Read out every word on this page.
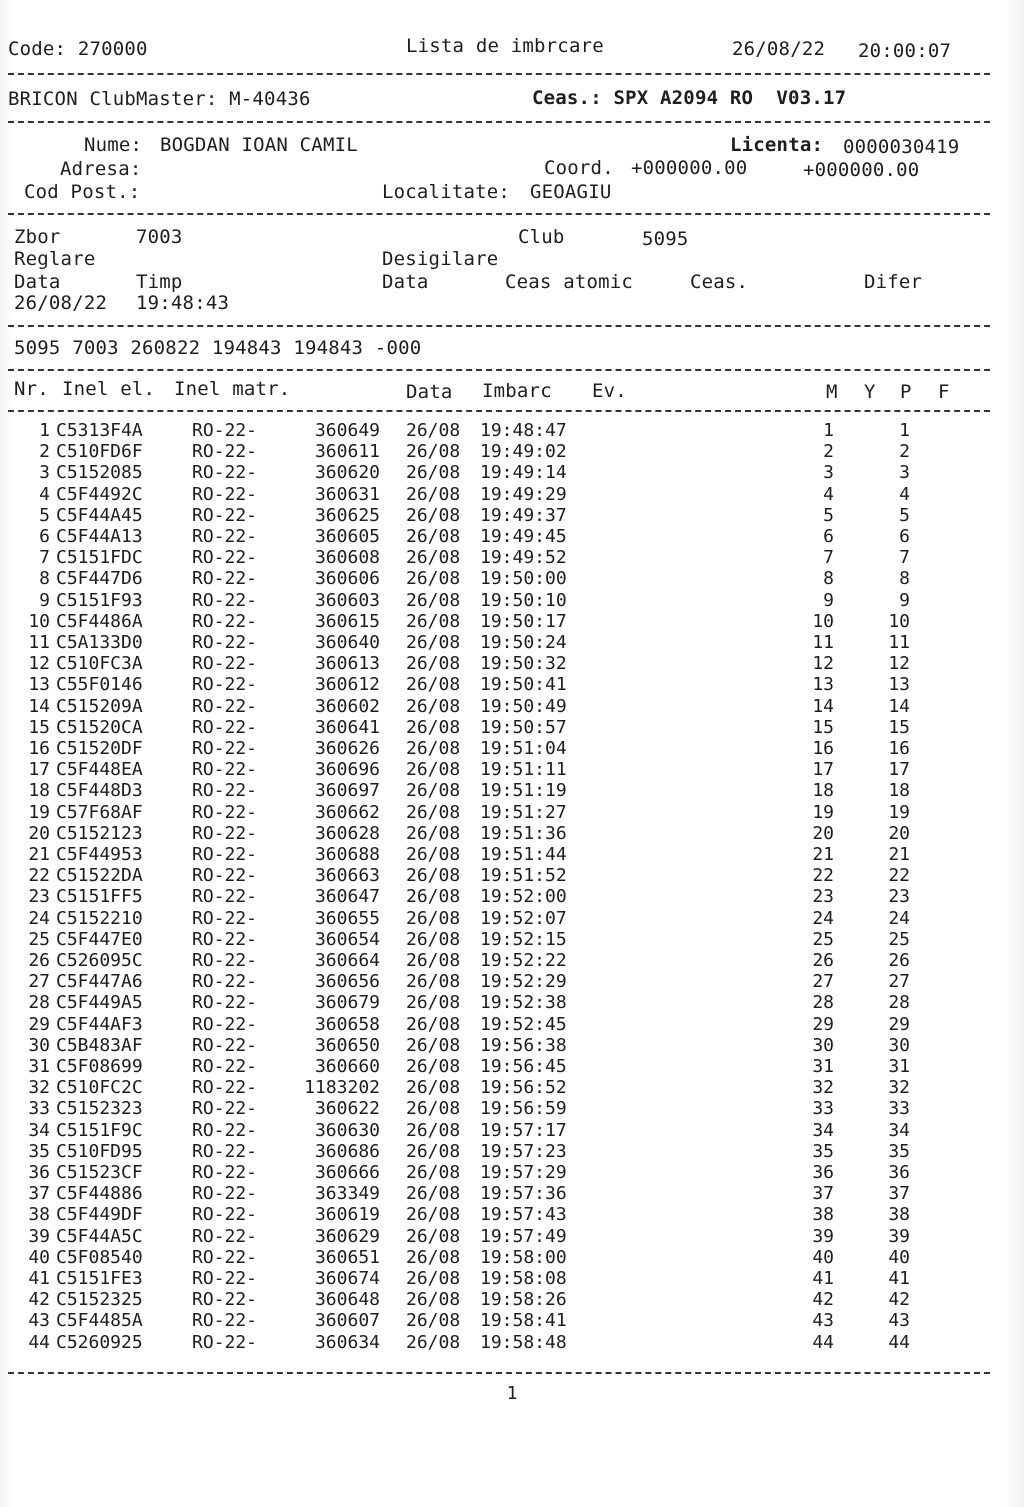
Code: 270000	Lista de imbrcare	26/08/22 20:00:07
BRICON ClubMaster: M-40436	Ceas.: SPX A2094 RO  V03.17
Nume: BOGDAN IOAN CAMIL	Licenta: 0000030419
Adresa:	Coord. +000000.00	+000000.00
Cod Post.:	Localitate: GEOAGIU
Zbor	7003	Club	5095
Reglare	Desigilare
Data	Timp	Data	Ceas atomic	Ceas.	Difer
26/08/22 19:48:43
5095 7003 260822 194843 194843 -000
Nr. Inel el. Inel matr.	Data Imbarc Ev.	M Y P F
1 C5313F4A	RO-22-	360649 26/08 19:48:47	1	1
2 C510FD6F	RO-22-	360611 26/08 19:49:02	2	2
3 C5152085	RO-22-	360620 26/08 19:49:14	3	3
4 C5F4492C	RO-22-	360631 26/08 19:49:29	4	4
5 C5F44A45	RO-22-	360625 26/08 19:49:37	5	5
6 C5F44A13	RO-22-	360605 26/08 19:49:45	6	6
7 C5151FDC	RO-22-	360608 26/08 19:49:52	7	7
8 C5F447D6	RO-22-	360606 26/08 19:50:00	8	8
9 C5151F93	RO-22-	360603 26/08 19:50:10	9	9
10 C5F4486A	RO-22-	360615 26/08 19:50:17	10	10
11 C5A133D0	RO-22-	360640 26/08 19:50:24	11	11
12 C510FC3A	RO-22-	360613 26/08 19:50:32	12	12
13 C55F0146	RO-22-	360612 26/08 19:50:41	13	13
14 C515209A	RO-22-	360602 26/08 19:50:49	14	14
15 C51520CA	RO-22-	360641 26/08 19:50:57	15	15
16 C51520DF	RO-22-	360626 26/08 19:51:04	16	16
17 C5F448EA	RO-22-	360696 26/08 19:51:11	17	17
18 C5F448D3	RO-22-	360697 26/08 19:51:19	18	18
19 C57F68AF	RO-22-	360662 26/08 19:51:27	19	19
20 C5152123	RO-22-	360628 26/08 19:51:36	20	20
21 C5F44953	RO-22-	360688 26/08 19:51:44	21	21
22 C51522DA	RO-22-	360663 26/08 19:51:52	22	22
23 C5151FF5	RO-22-	360647 26/08 19:52:00	23	23
24 C5152210	RO-22-	360655 26/08 19:52:07	24	24
25 C5F447E0	RO-22-	360654 26/08 19:52:15	25	25
26 C526095C	RO-22-	360664 26/08 19:52:22	26	26
27 C5F447A6	RO-22-	360656 26/08 19:52:29	27	27
28 C5F449A5	RO-22-	360679 26/08 19:52:38	28	28
29 C5F44AF3	RO-22-	360658 26/08 19:52:45	29	29
30 C5B483AF	RO-22-	360650 26/08 19:56:38	30	30
31 C5F08699	RO-22-	360660 26/08 19:56:45	31	31
32 C510FC2C	RO-22-	1183202 26/08 19:56:52	32	32
33 C5152323	RO-22-	360622 26/08 19:56:59	33	33
34 C5151F9C	RO-22-	360630 26/08 19:57:17	34	34
35 C510FD95	RO-22-	360686 26/08 19:57:23	35	35
36 C51523CF	RO-22-	360666 26/08 19:57:29	36	36
37 C5F44886	RO-22-	363349 26/08 19:57:36	37	37
38 C5F449DF	RO-22-	360619 26/08 19:57:43	38	38
39 C5F44A5C	RO-22-	360629 26/08 19:57:49	39	39
40 C5F08540	RO-22-	360651 26/08 19:58:00	40	40
41 C5151FE3	RO-22-	360674 26/08 19:58:08	41	41
42 C5152325	RO-22-	360648 26/08 19:58:26	42	42
43 C5F4485A	RO-22-	360607 26/08 19:58:41	43	43
44 C5260925	RO-22-	360634 26/08 19:58:48	44	44
1
